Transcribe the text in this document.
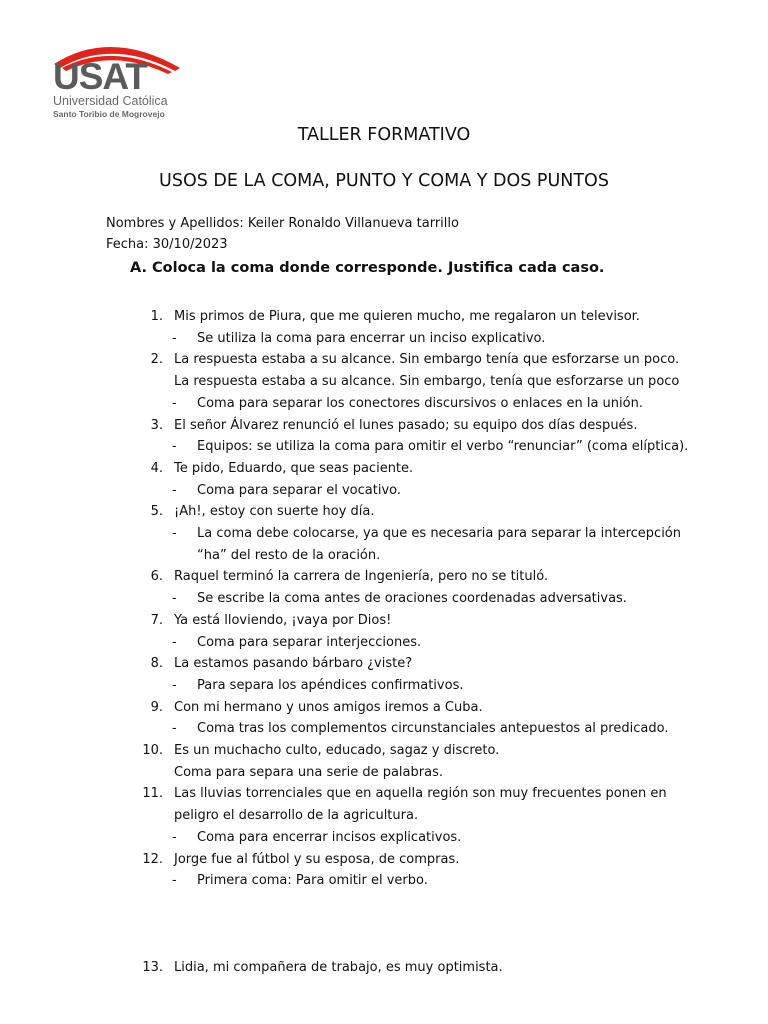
USAT
Universidad Católica
Santo Toribio de Mogrovejo
TALLER FORMATIVO
USOS DE LA COMA, PUNTO Y COMA Y DOS PUNTOS
Nombres y Apellidos: Keiler Ronaldo Villanueva tarrillo
Fecha: 30/10/2023
A. Coloca la coma donde corresponde. Justifica cada caso.
1. Mis primos de Piura, que me quieren mucho, me regalaron un televisor.
- Se utiliza la coma para encerrar un inciso explicativo.
2. La respuesta estaba a su alcance. Sin embargo tenía que esforzarse un poco.
La respuesta estaba a su alcance. Sin embargo, tenía que esforzarse un poco
- Coma para separar los conectores discursivos o enlaces en la unión.
3. El señor Álvarez renunció el lunes pasado; su equipo dos días después.
- Equipos: se utiliza la coma para omitir el verbo “renunciar” (coma elíptica).
4. Te pido, Eduardo, que seas paciente.
- Coma para separar el vocativo.
5. ¡Ah!, estoy con suerte hoy día.
- La coma debe colocarse, ya que es necesaria para separar la intercepción
“ha” del resto de la oración.
6. Raquel terminó la carrera de Ingeniería, pero no se tituló.
- Se escribe la coma antes de oraciones coordenadas adversativas.
7. Ya está lloviendo, ¡vaya por Dios!
- Coma para separar interjecciones.
8. La estamos pasando bárbaro ¿viste?
- Para separa los apéndices confirmativos.
9. Con mi hermano y unos amigos iremos a Cuba.
- Coma tras los complementos circunstanciales antepuestos al predicado.
10. Es un muchacho culto, educado, sagaz y discreto.
Coma para separa una serie de palabras.
11. Las lluvias torrenciales que en aquella región son muy frecuentes ponen en
peligro el desarrollo de la agricultura.
- Coma para encerrar incisos explicativos.
12. Jorge fue al fútbol y su esposa, de compras.
- Primera coma: Para omitir el verbo.
13. Lidia, mi compañera de trabajo, es muy optimista.
